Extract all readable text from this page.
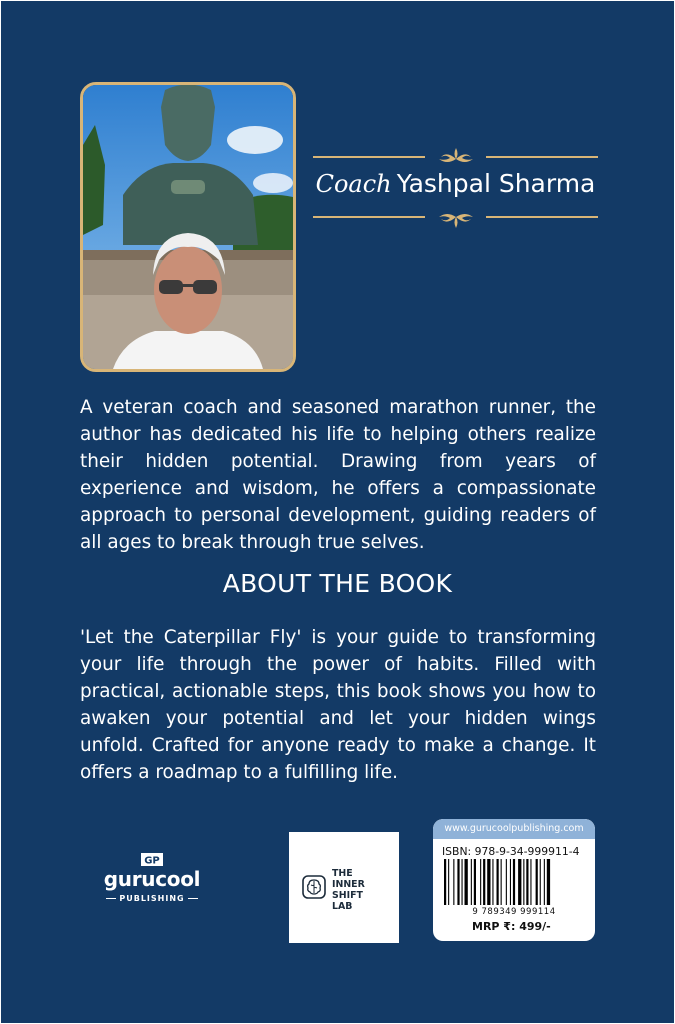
Coach Yashpal Sharma

A veteran coach and seasoned marathon runner, the author has dedicated his life to helping others realize their hidden potential. Drawing from years of experience and wisdom, he offers a compassionate approach to personal development, guiding readers of all ages to break through true selves.

ABOUT THE BOOK

'Let the Caterpillar Fly' is your guide to transforming your life through the power of habits. Filled with practical, actionable steps, this book shows you how to awaken your potential and let your hidden wings unfold. Crafted for anyone ready to make a change. It offers a roadmap to a fulfilling life.

GP
gurucool
PUBLISHING
THE
INNER
SHIFT
LAB
www.gurucoolpublishing.com
ISBN: 978-9-34-999911-4
9 789349 999114
MRP ₹: 499/-
